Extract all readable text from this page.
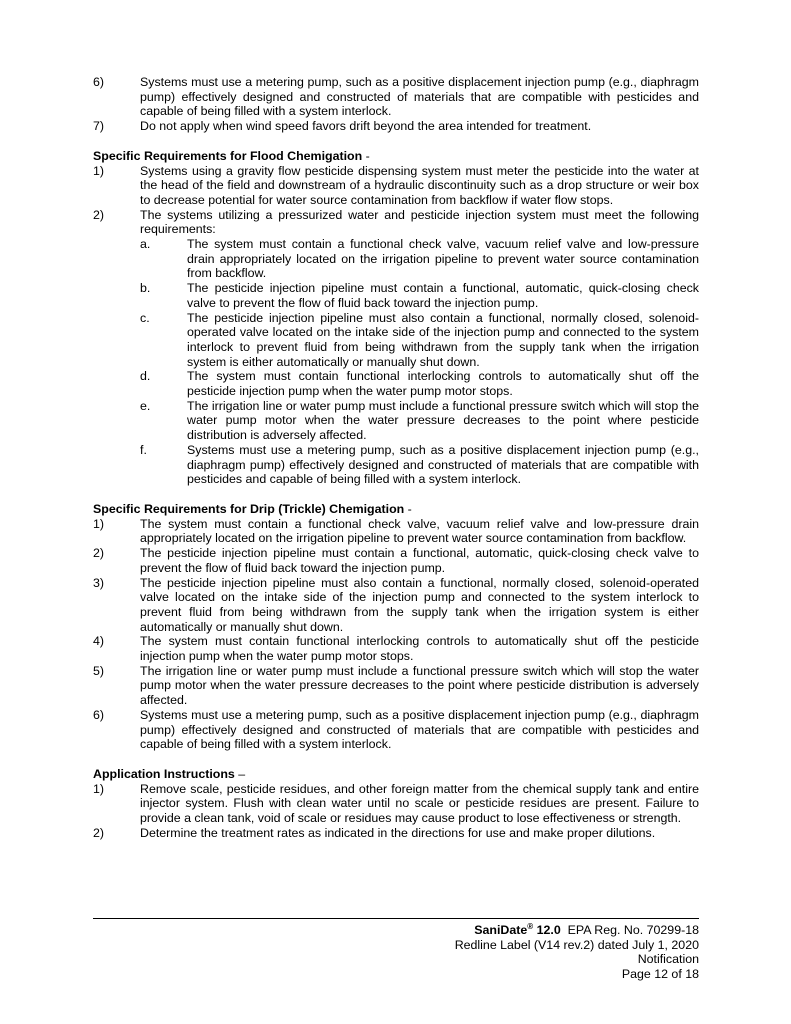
6)	Systems must use a metering pump, such as a positive displacement injection pump (e.g., diaphragm pump) effectively designed and constructed of materials that are compatible with pesticides and capable of being filled with a system interlock.
7)	Do not apply when wind speed favors drift beyond the area intended for treatment.
Specific Requirements for Flood Chemigation -
1)	Systems using a gravity flow pesticide dispensing system must meter the pesticide into the water at the head of the field and downstream of a hydraulic discontinuity such as a drop structure or weir box to decrease potential for water source contamination from backflow if water flow stops.
2)	The systems utilizing a pressurized water and pesticide injection system must meet the following requirements:
a.	The system must contain a functional check valve, vacuum relief valve and low-pressure drain appropriately located on the irrigation pipeline to prevent water source contamination from backflow.
b.	The pesticide injection pipeline must contain a functional, automatic, quick-closing check valve to prevent the flow of fluid back toward the injection pump.
c.	The pesticide injection pipeline must also contain a functional, normally closed, solenoid-operated valve located on the intake side of the injection pump and connected to the system interlock to prevent fluid from being withdrawn from the supply tank when the irrigation system is either automatically or manually shut down.
d.	The system must contain functional interlocking controls to automatically shut off the pesticide injection pump when the water pump motor stops.
e.	The irrigation line or water pump must include a functional pressure switch which will stop the water pump motor when the water pressure decreases to the point where pesticide distribution is adversely affected.
f.	Systems must use a metering pump, such as a positive displacement injection pump (e.g., diaphragm pump) effectively designed and constructed of materials that are compatible with pesticides and capable of being filled with a system interlock.
Specific Requirements for Drip (Trickle) Chemigation -
1)	The system must contain a functional check valve, vacuum relief valve and low-pressure drain appropriately located on the irrigation pipeline to prevent water source contamination from backflow.
2)	The pesticide injection pipeline must contain a functional, automatic, quick-closing check valve to prevent the flow of fluid back toward the injection pump.
3)	The pesticide injection pipeline must also contain a functional, normally closed, solenoid-operated valve located on the intake side of the injection pump and connected to the system interlock to prevent fluid from being withdrawn from the supply tank when the irrigation system is either automatically or manually shut down.
4)	The system must contain functional interlocking controls to automatically shut off the pesticide injection pump when the water pump motor stops.
5)	The irrigation line or water pump must include a functional pressure switch which will stop the water pump motor when the water pressure decreases to the point where pesticide distribution is adversely affected.
6)	Systems must use a metering pump, such as a positive displacement injection pump (e.g., diaphragm pump) effectively designed and constructed of materials that are compatible with pesticides and capable of being filled with a system interlock.
Application Instructions –
1)	Remove scale, pesticide residues, and other foreign matter from the chemical supply tank and entire injector system. Flush with clean water until no scale or pesticide residues are present. Failure to provide a clean tank, void of scale or residues may cause product to lose effectiveness or strength.
2)	Determine the treatment rates as indicated in the directions for use and make proper dilutions.
SaniDate® 12.0 EPA Reg. No. 70299-18
Redline Label (V14 rev.2) dated July 1, 2020
Notification
Page 12 of 18
